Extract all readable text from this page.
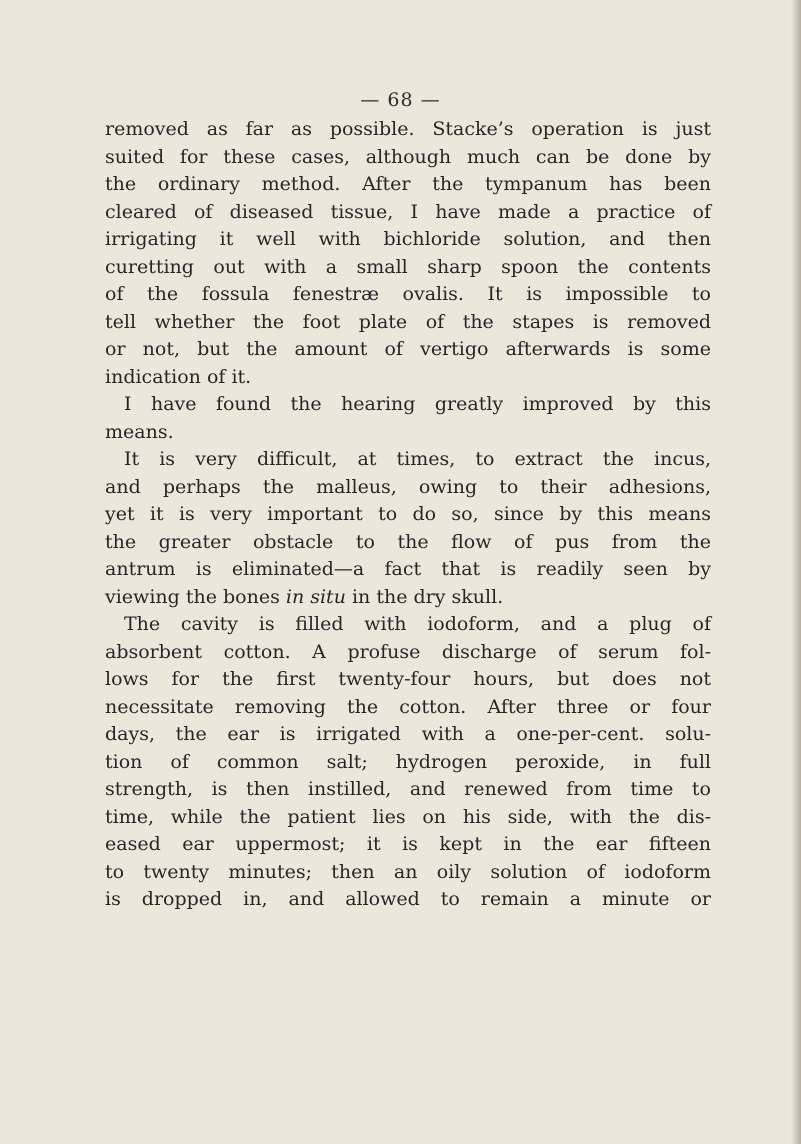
— 68 —
removed as far as possible. Stacke’s operation is just
suited for these cases, although much can be done by
the ordinary method. After the tympanum has been
cleared of diseased tissue, I have made a practice of
irrigating it well with bichloride solution, and then
curetting out with a small sharp spoon the contents
of the fossula fenestræ ovalis. It is impossible to
tell whether the foot plate of the stapes is removed
or not, but the amount of vertigo afterwards is some
indication of it.
I have found the hearing greatly improved by this
means.
It is very difficult, at times, to extract the incus,
and perhaps the malleus, owing to their adhesions,
yet it is very important to do so, since by this means
the greater obstacle to the flow of pus from the
antrum is eliminated—a fact that is readily seen by
viewing the bones in situ in the dry skull.
The cavity is filled with iodoform, and a plug of
absorbent cotton. A profuse discharge of serum fol-
lows for the first twenty-four hours, but does not
necessitate removing the cotton. After three or four
days, the ear is irrigated with a one-per-cent. solu-
tion of common salt; hydrogen peroxide, in full
strength, is then instilled, and renewed from time to
time, while the patient lies on his side, with the dis-
eased ear uppermost; it is kept in the ear fifteen
to twenty minutes; then an oily solution of iodoform
is dropped in, and allowed to remain a minute or
